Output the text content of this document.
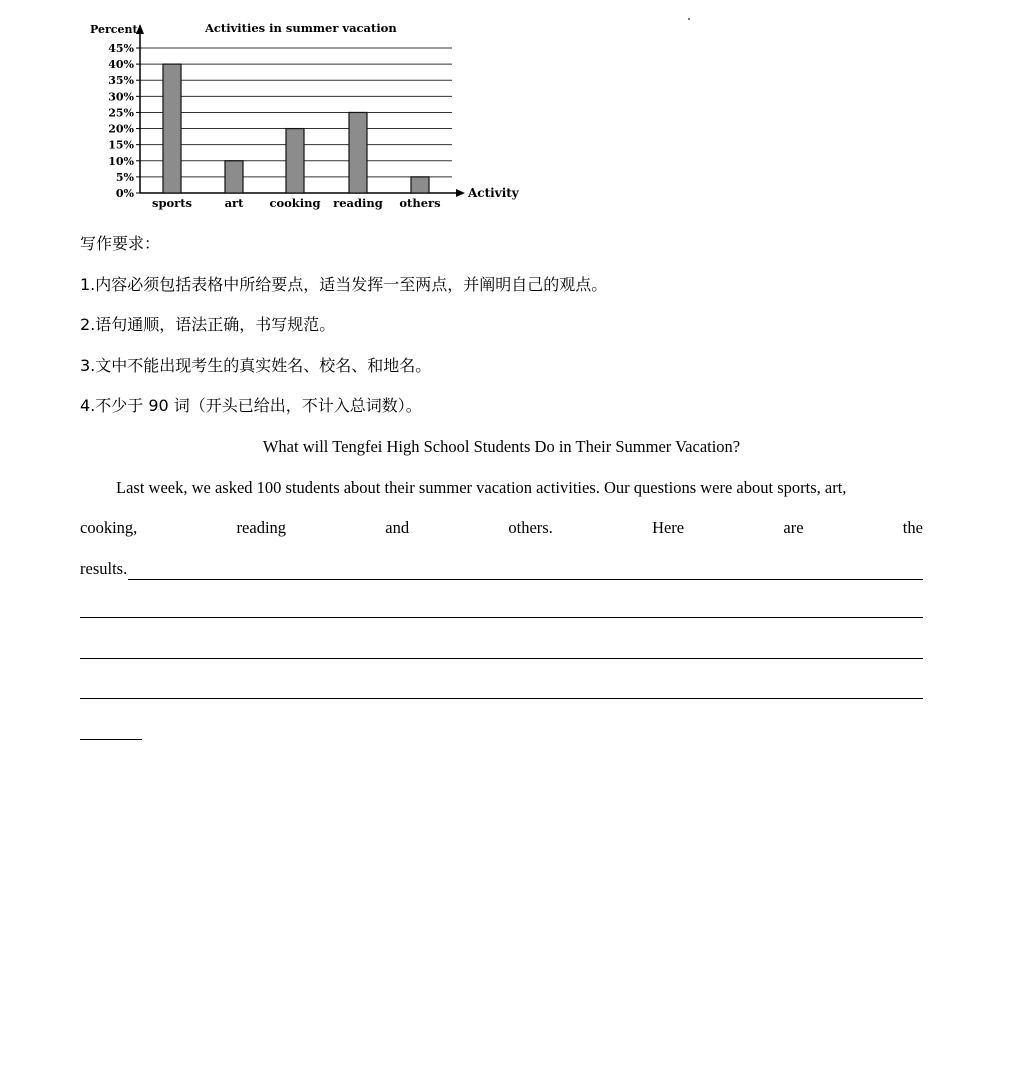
0%
5%
10%
15%
20%
25%
30%
35%
40%
45%
Percent
Activity
Activities in summer vacation
sports	art cooking reading others
写作要求：
1.内容必须包括表格中所给要点，适当发挥一至两点，并阐明自己的观点。
2.语句通顺，语法正确，书写规范。
3.文中不能出现考生的真实姓名、校名、和地名。
4.不少于 90 词（开头已给出，不计入总词数）。
What will Tengfei High School Students Do in Their Summer Vacation?
Last week, we asked 100 students about their summer vacation activities. Our questions were about sports, art,
cooking,	reading	and	others.	Here	are	the
results.
